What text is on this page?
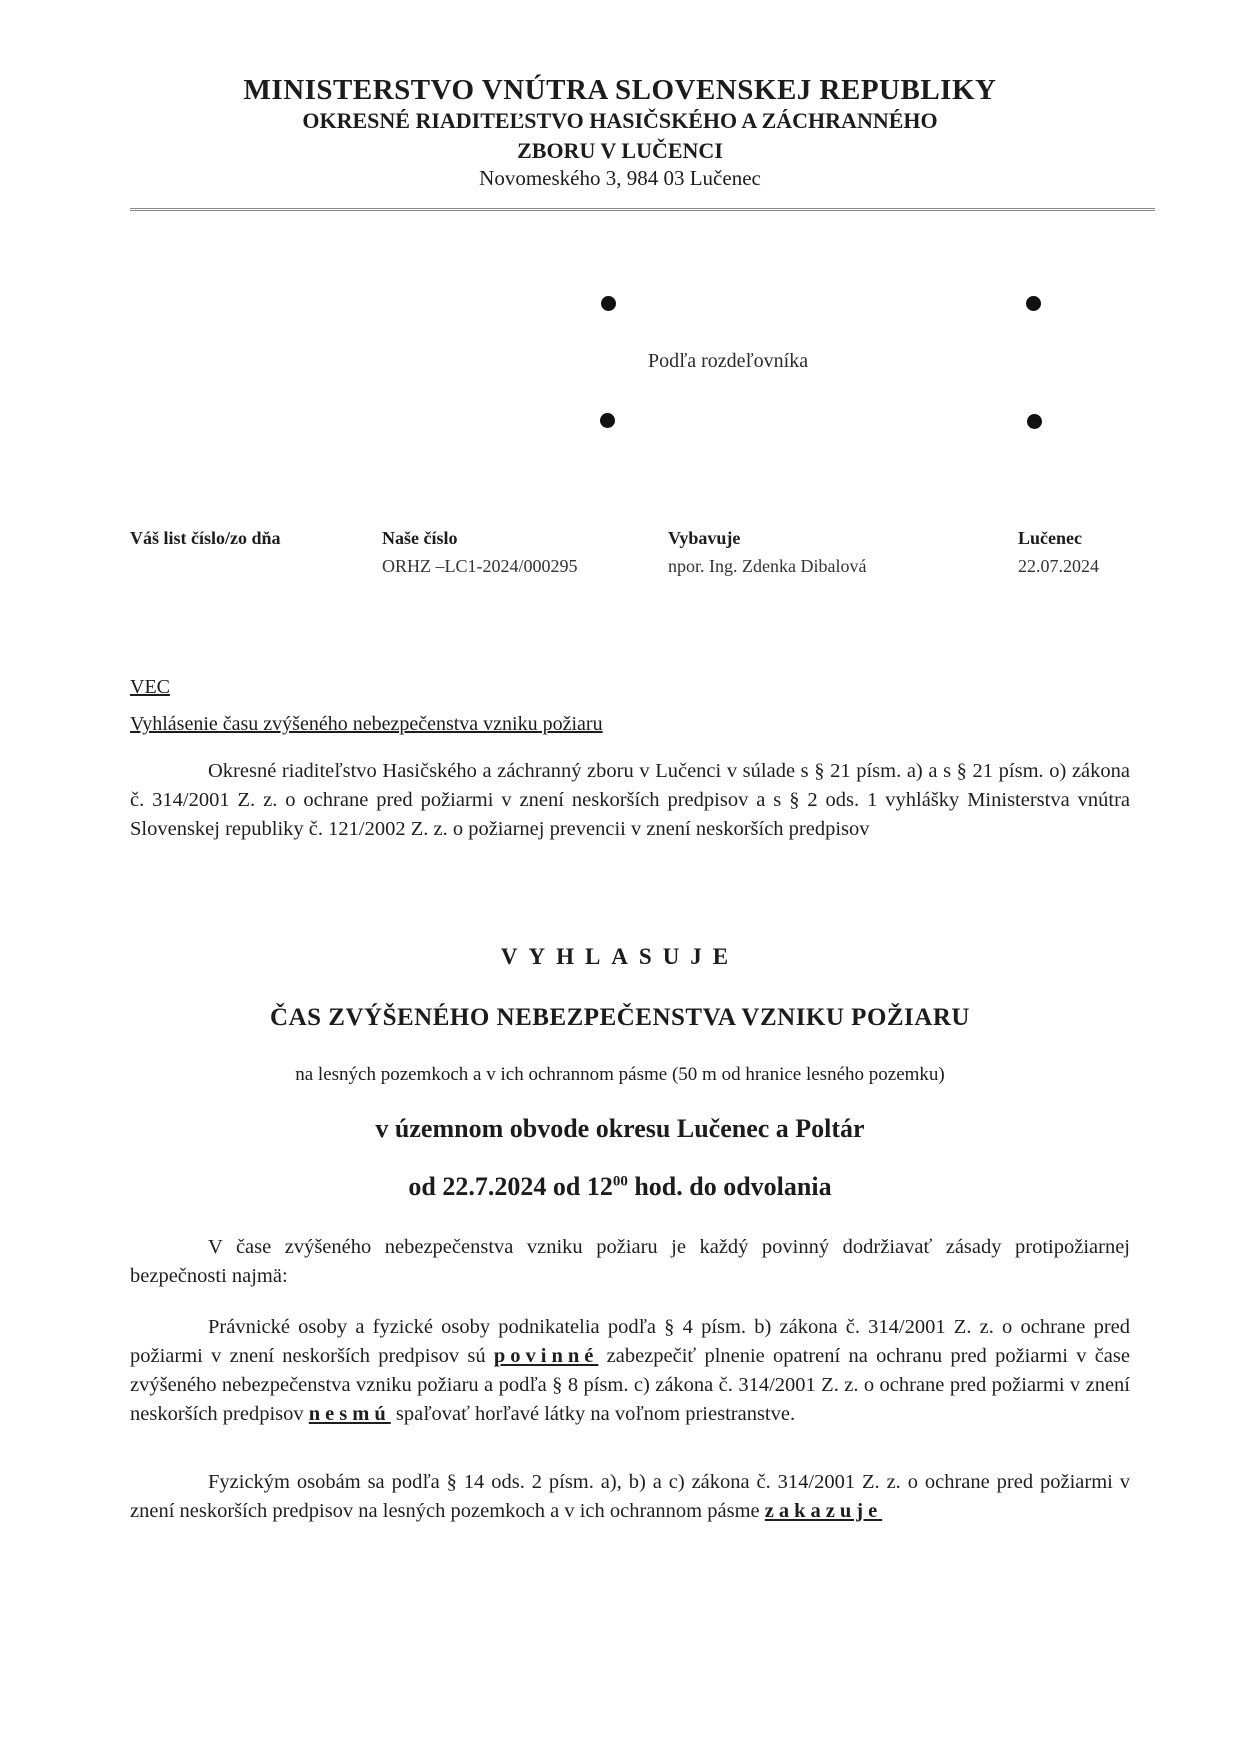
MINISTERSTVO VNÚTRA SLOVENSKEJ REPUBLIKY
OKRESNÉ RIADITEĽSTVO HASIČSKÉHO A ZÁCHRANNÉHO
ZBORU V LUČENCI
Novomeského 3, 984 03 Lučenec
Podľa rozdeľovníka
Váš list číslo/zo dňa	Naše číslo
ORHZ –LC1-2024/000295
Vybavuje
npor. Ing. Zdenka Dibalová
Lučenec
22.07.2024
VEC
Vyhlásenie času zvýšeného nebezpečenstva vzniku požiaru
Okresné riaditeľstvo Hasičského a záchranný zboru v Lučenci v súlade s § 21 písm. a) a s § 21 písm. o) zákona č. 314/2001 Z. z. o ochrane pred požiarmi v znení neskorších predpisov a s § 2 ods. 1 vyhlášky Ministerstva vnútra Slovenskej republiky č. 121/2002 Z. z. o požiarnej prevencii v znení neskorších predpisov
VYHLASUJE
ČAS ZVÝŠENÉHO NEBEZPEČENSTVA VZNIKU POŽIARU
na lesných pozemkoch a v ich ochrannom pásme (50 m od hranice lesného pozemku)
v územnom obvode okresu Lučenec a Poltár
od 22.7.2024 od $12^{00}$ hod. do odvolania
V čase zvýšeného nebezpečenstva vzniku požiaru je každý povinný dodržiavať zásady protipožiarnej bezpečnosti najmä:
Právnické osoby a fyzické osoby podnikatelia podľa § 4 písm. b) zákona č. 314/2001 Z. z. o ochrane pred požiarmi v znení neskorších predpisov sú povinné zabezpečiť plnenie opatrení na ochranu pred požiarmi v čase zvýšeného nebezpečenstva vzniku požiaru a podľa § 8 písm. c) zákona č. 314/2001 Z. z. o ochrane pred požiarmi v znení neskorších predpisov nesmú spaľovať horľavé látky na voľnom priestranstve.
Fyzickým osobám sa podľa § 14 ods. 2 písm. a), b) a c) zákona č. 314/2001 Z. z. o ochrane pred požiarmi v znení neskorších predpisov na lesných pozemkoch a v ich ochrannom pásme zakazuje
